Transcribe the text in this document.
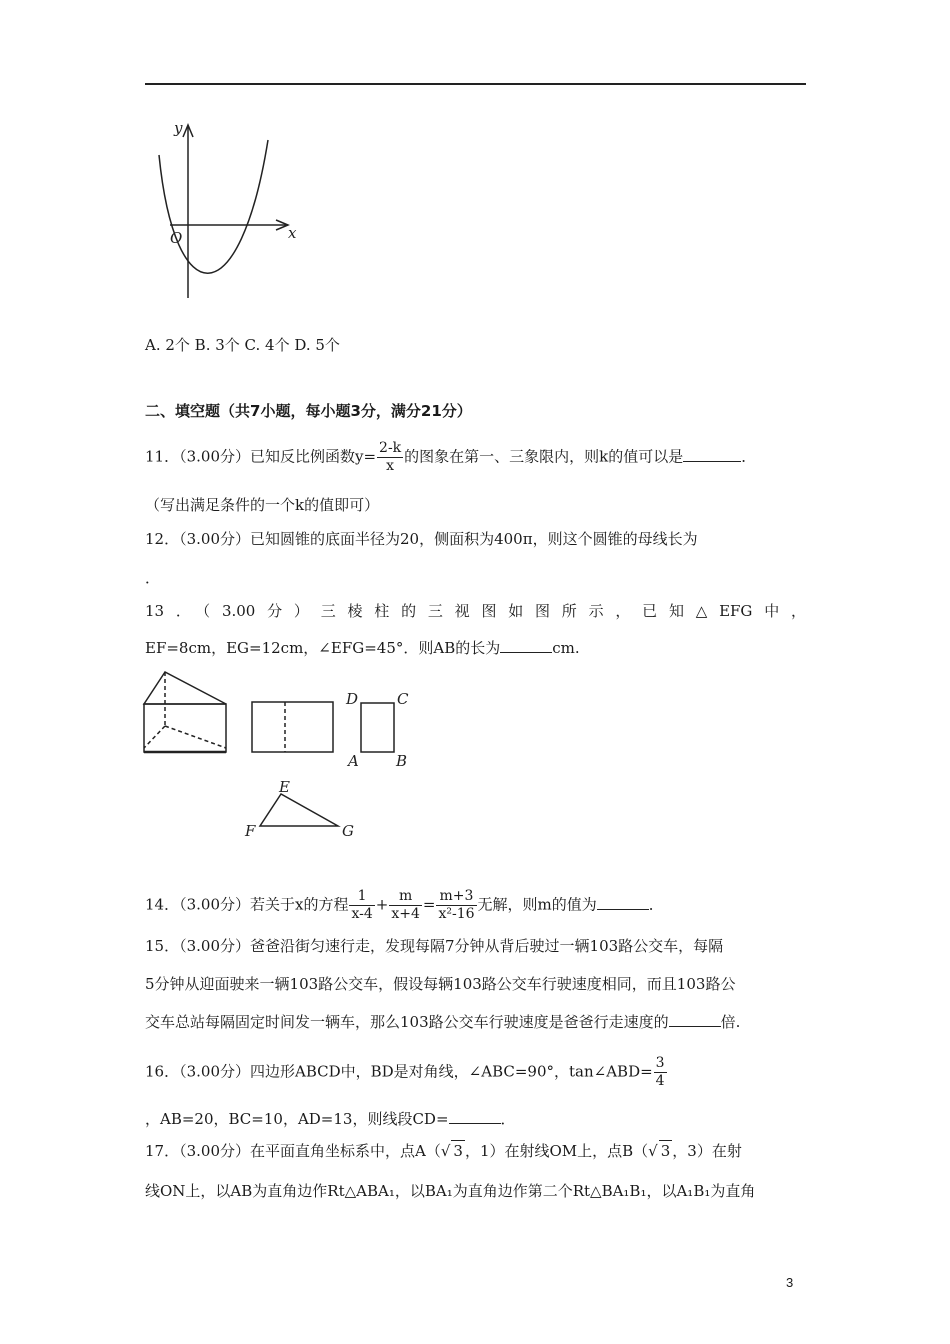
y
x
O
A. 2个 B. 3个 C. 4个 D. 5个
二、填空题（共7小题，每小题3分，满分21分）
11．（3.00分）已知反比例函数$y= \frac{2-k}{x}$ 的图象在第一、三象限内，则k的值可以是	．
（写出满足条件的一个k的值即可）
12．（3.00分）已知圆锥的底面半径为20，侧面积为400π，则这个圆锥的母线长为
．
13．（3.00分）三棱柱的三视图如图所示，已知△EFG中，
EF=8cm，EG=12cm，∠EFG=45°．则AB的长为	cm.
D	C
A B
E
F	G
14．（3.00分）若关于x的方程 $\frac{1}{x-4} + \frac{m}{x+4} = \frac{m+3}{\text{x²-16}}$ 无解，则m的值为	．
15．（3.00分）爸爸沿街匀速行走，发现每隔7分钟从背后驶过一辆103路公交车，每隔
5分钟从迎面驶来一辆103路公交车，假设每辆103路公交车行驶速度相同，而且103路公
交车总站每隔固定时间发一辆车，那么103路公交车行驶速度是爸爸行走速度的	倍.
16．（3.00分）四边形ABCD中，BD是对角线，∠ABC=90°，tan∠ABD= $\frac{3}{4}$
，AB=20，BC=10，AD=13，则线段CD=	．
17．（3.00分）在平面直角坐标系中，点A（√ 3 ，1）在射线OM上，点B（√ 3 ，3）在射
线ON上，以AB为直角边作Rt△ABA₁，以BA₁为直角边作第二个Rt△BA₁B₁，以A₁B₁为直角
3
